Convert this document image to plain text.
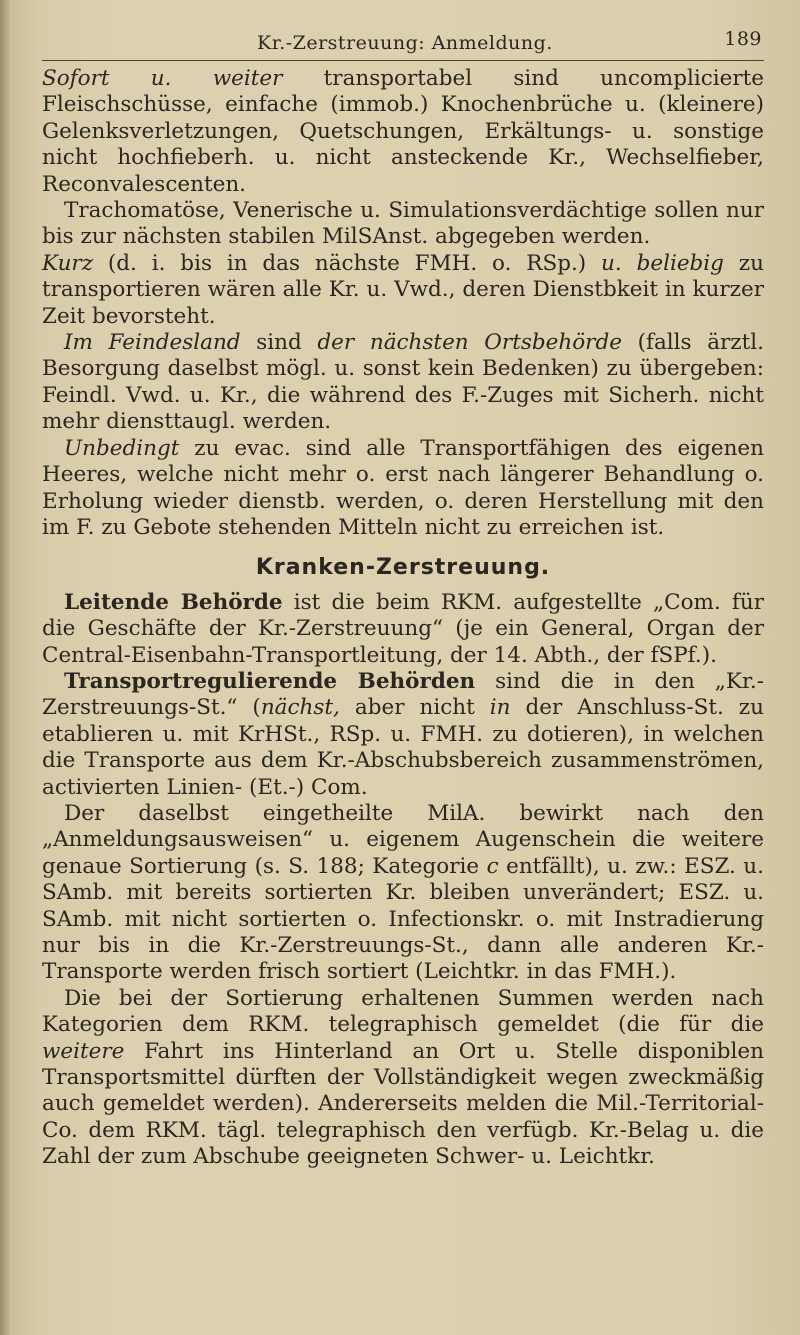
Kr.-Zerstreuung: Anmeldung.	189

Sofort u. weiter transportabel sind uncomplicierte Fleischschüsse, einfache (immob.) Knochenbrüche u. (kleinere) Gelenksverletzungen, Quetschungen, Erkältungs- u. sonstige nicht hochfieberh. u. nicht ansteckende Kr., Wechselfieber, Reconvalescenten.

Trachomatöse, Venerische u. Simulationsverdächtige sollen nur bis zur nächsten stabilen MilSAnst. abgegeben werden.

Kurz (d. i. bis in das nächste FMH. o. RSp.) u. beliebig zu transportieren wären alle Kr. u. Vwd., deren Dienstbkeit in kurzer Zeit bevorsteht.

Im Feindesland sind der nächsten Ortsbehörde (falls ärztl. Besorgung daselbst mögl. u. sonst kein Bedenken) zu übergeben: Feindl. Vwd. u. Kr., die während des F.-Zuges mit Sicherh. nicht mehr diensttaugl. werden.

Unbedingt zu evac. sind alle Transportfähigen des eigenen Heeres, welche nicht mehr o. erst nach längerer Behandlung o. Erholung wieder dienstb. werden, o. deren Herstellung mit den im F. zu Gebote stehenden Mitteln nicht zu erreichen ist.

Kranken-Zerstreuung.

Leitende Behörde ist die beim RKM. aufgestellte „Com. für die Geschäfte der Kr.-Zerstreuung“ (je ein General, Organ der Central-Eisenbahn-Transportleitung, der 14. Abth., der fSPf.).

Transportregulierende Behörden sind die in den „Kr.-Zerstreuungs-St.“ (nächst, aber nicht in der Anschluss-St. zu etablieren u. mit KrHSt., RSp. u. FMH. zu dotieren), in welchen die Transporte aus dem Kr.-Abschubsbereich zusammenströmen, activierten Linien- (Et.-) Com.

Der daselbst eingetheilte MilA. bewirkt nach den „Anmeldungsausweisen“ u. eigenem Augenschein die weitere genaue Sortierung (s. S. 188; Kategorie c entfällt), u. zw.: ESZ. u. SAmb. mit bereits sortierten Kr. bleiben unverändert; ESZ. u. SAmb. mit nicht sortierten o. Infectionskr. o. mit Instradierung nur bis in die Kr.-Zerstreuungs-St., dann alle anderen Kr.-Transporte werden frisch sortiert (Leichtkr. in das FMH.).

Die bei der Sortierung erhaltenen Summen werden nach Kategorien dem RKM. telegraphisch gemeldet (die für die weitere Fahrt ins Hinterland an Ort u. Stelle disponiblen Transportsmittel dürften der Vollständigkeit wegen zweckmäßig auch gemeldet werden). Andererseits melden die Mil.-Territorial-Co. dem RKM. tägl. telegraphisch den verfügb. Kr.-Belag u. die Zahl der zum Abschube geeigneten Schwer- u. Leichtkr.
